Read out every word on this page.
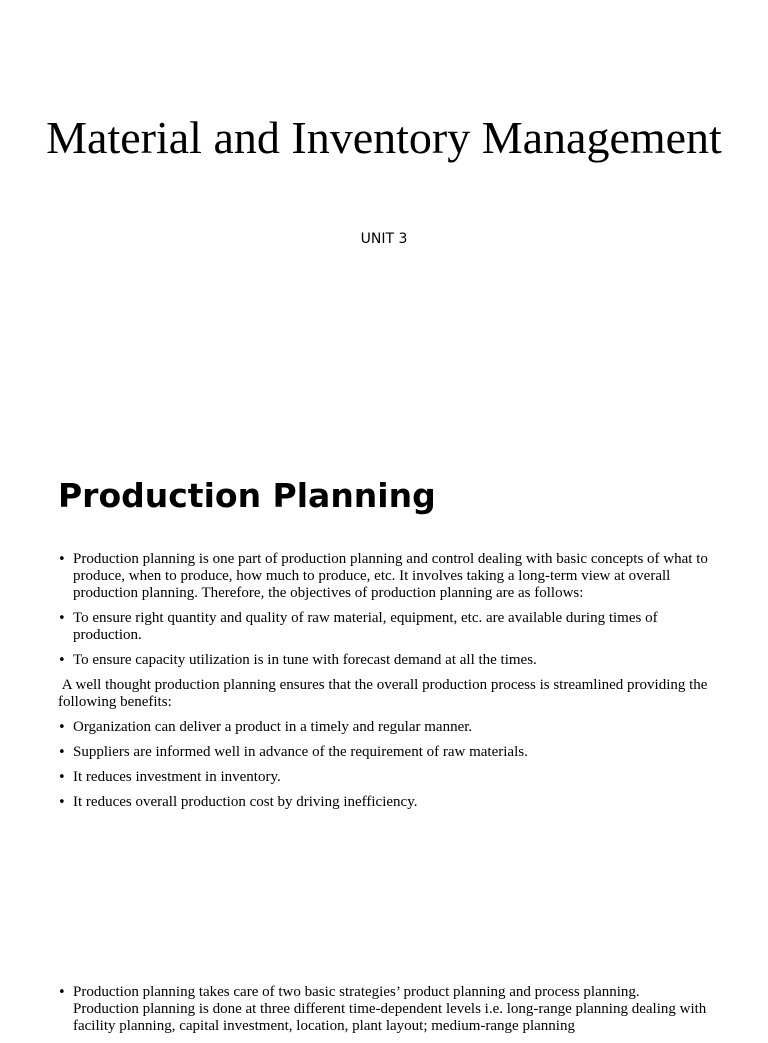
Material and Inventory Management
UNIT 3
Production Planning
• Production planning is one part of production planning and control dealing with basic concepts of what to produce, when to produce, how much to produce, etc. It involves taking a long-term view at overall production planning. Therefore, the objectives of production planning are as follows:
• To ensure right quantity and quality of raw material, equipment, etc. are available during times of production.
• To ensure capacity utilization is in tune with forecast demand at all the times.
A well thought production planning ensures that the overall production process is streamlined providing the following benefits:
• Organization can deliver a product in a timely and regular manner.
• Suppliers are informed well in advance of the requirement of raw materials.
• It reduces investment in inventory.
• It reduces overall production cost by driving inefficiency.
• Production planning takes care of two basic strategies’ product planning and process planning. Production planning is done at three different time-dependent levels i.e. long-range planning dealing with facility planning, capital investment, location, plant layout; medium-range planning
